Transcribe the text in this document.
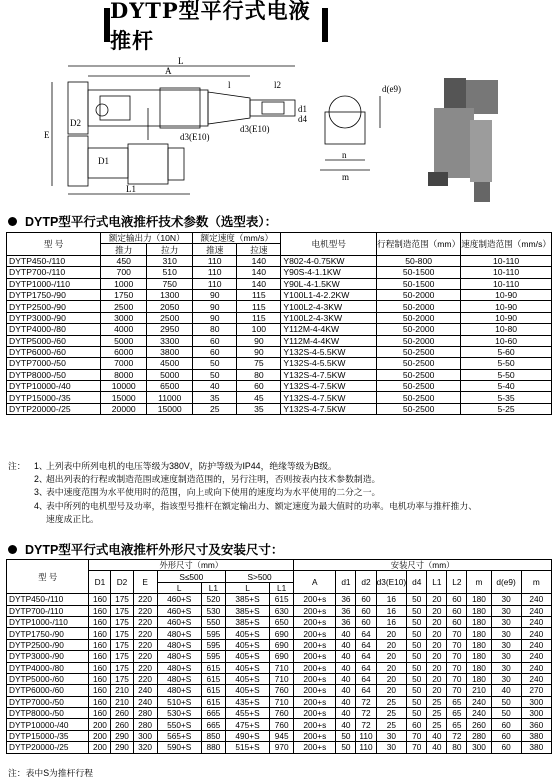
DYTP型平行式电液推杆
L
A
l	l2
E
D2
D1
d3(E10)
d3(E10)
d1
d4
L1
d(e9)
n
m
DYTP型平行式电液推杆技术参数（选型表）：
型 号	额定输出力（10N）		额定速度（mm/s）		电机型号	行程制造范围（mm）	速度制造范围（mm/s）
	推力	拉力	推速	拉速			
DYTP450-/110	450	310	110	140	Y802-4-0.75KW	50-800	10-110
DYTP700-/110	700	510	110	140	Y90S-4-1.1KW	50-1500	10-110
DYTP1000-/110	1000	750	110	140	Y90L-4-1.5KW	50-1500	10-110
DYTP1750-/90	1750	1300	90	115	Y100L1-4-2.2KW	50-2000	10-90
DYTP2500-/90	2500	2050	90	115	Y100L2-4-3KW	50-2000	10-90
DYTP3000-/90	3000	2500	90	115	Y100L2-4-3KW	50-2000	10-90
DYTP4000-/80	4000	2950	80	100	Y112M-4-4KW	50-2000	10-80
DYTP5000-/60	5000	3300	60	90	Y112M-4-4KW	50-2000	10-60
DYTP6000-/60	6000	3800	60	90	Y132S-4-5.5KW	50-2500	5-60
DYTP7000-/50	7000	4500	50	75	Y132S-4-5.5KW	50-2500	5-50
DYTP8000-/50	8000	5000	50	80	Y132S-4-7.5KW	50-2500	5-50
DYTP10000-/40	10000	6500	40	60	Y132S-4-7.5KW	50-2500	5-40
DYTP15000-/35	15000	11000	35	45	Y132S-4-7.5KW	50-2500	5-35
DYTP20000-/25	20000	15000	25	35	Y132S-4-7.5KW	50-2500	5-25
注： 1、
上列表中所列电机的电压等级为380V，防护等级为IP44，绝缘等级为B级。
2、
超出列表的行程或制造范围或速度制造范围的，另行注明，否则按表内技术参数制造。
3、
表中速度范围为水平使用时的范围，向上或向下使用的速度均为水平使用的二分之一。
4、
表中所列的电机型号及功率，指该型号推杆在额定输出力、额定速度为最大值时的功率。电机功率与推杆推力、
速度成正比。
DYTP型平行式电液推杆外形尺寸及安装尺寸：
型 号	外形尺寸（mm）							安装尺寸（mm）									
	D1	D2	E	S≤500		S>500		A	d1	d2	d3(E10)	d4	L1	L2	m	d(e9)	m
				L	L1	L	L1										
DYTP450-/110	160	175	220	460+S	520	385+S	615	200+s	36	60	16	50	20	60	180	30	240
DYTP700-/110	160	175	220	460+S	530	385+S	630	200+s	36	60	16	50	20	60	180	30	240
DYTP1000-/110	160	175	220	460+S	550	385+S	650	200+s	36	60	16	50	20	60	180	30	240
DYTP1750-/90	160	175	220	480+S	595	405+S	690	200+s	40	64	20	50	20	70	180	30	240
DYTP2500-/90	160	175	220	480+S	595	405+S	690	200+s	40	64	20	50	20	70	180	30	240
DYTP3000-/90	160	175	220	480+S	595	405+S	690	200+s	40	64	20	50	20	70	180	30	240
DYTP4000-/80	160	175	220	480+S	615	405+S	710	200+s	40	64	20	50	20	70	180	30	240
DYTP5000-/60	160	175	220	480+S	615	405+S	710	200+s	40	64	20	50	20	70	180	30	240
DYTP6000-/60	160	210	240	480+S	615	405+S	760	200+s	40	64	20	50	20	70	210	40	270
DYTP7000-/50	160	210	240	510+S	615	435+S	710	200+s	40	72	25	50	25	65	240	50	300
DYTP8000-/50	160	260	280	530+S	665	455+S	760	200+s	40	72	25	50	25	65	240	50	300
DYTP10000-/40	200	260	280	550+S	665	475+S	760	200+s	40	72	25	60	25	65	260	60	360
DYTP15000-/35	200	290	300	565+S	850	490+S	945	200+s	50	110	30	70	40	72	280	60	380
DYTP20000-/25	200	290	320	590+S	880	515+S	970	200+s	50	110	30	70	40	80	300	60	380
注：表中S为推杆行程
